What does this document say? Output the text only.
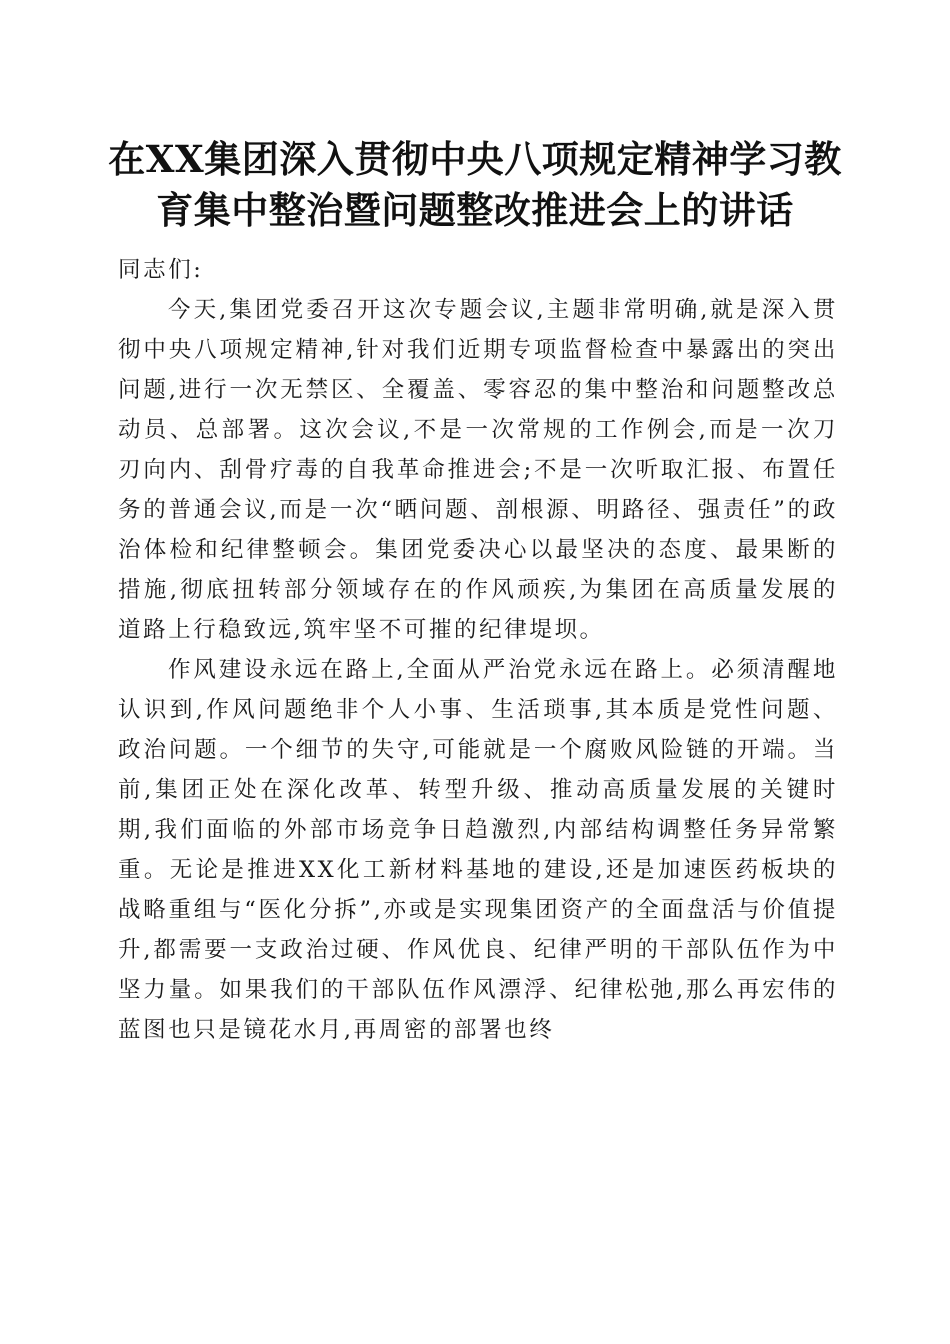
在XX集团深入贯彻中央八项规定精神学习教
育集中整治暨问题整改推进会上的讲话

同志们:

今天,集团党委召开这次专题会议,主题非常明确,就是深入贯彻中央八项规定精神,针对我们近期专项监督检查中暴露出的突出问题,进行一次无禁区、全覆盖、零容忍的集中整治和问题整改总动员、总部署。这次会议,不是一次常规的工作例会,而是一次刀刃向内、刮骨疗毒的自我革命推进会;不是一次听取汇报、布置任务的普通会议,而是一次“晒问题、剖根源、明路径、强责任”的政治体检和纪律整顿会。集团党委决心以最坚决的态度、最果断的措施,彻底扭转部分领域存在的作风顽疾,为集团在高质量发展的道路上行稳致远,筑牢坚不可摧的纪律堤坝。

作风建设永远在路上,全面从严治党永远在路上。必须清醒地认识到,作风问题绝非个人小事、生活琐事,其本质是党性问题、政治问题。一个细节的失守,可能就是一个腐败风险链的开端。当前,集团正处在深化改革、转型升级、推动高质量发展的关键时期,我们面临的外部市场竞争日趋激烈,内部结构调整任务异常繁重。无论是推进XX化工新材料基地的建设,还是加速医药板块的战略重组与“医化分拆”,亦或是实现集团资产的全面盘活与价值提升,都需要一支政治过硬、作风优良、纪律严明的干部队伍作为中坚力量。如果我们的干部队伍作风漂浮、纪律松弛,那么再宏伟的蓝图也只是镜花水月,再周密的部署也终
